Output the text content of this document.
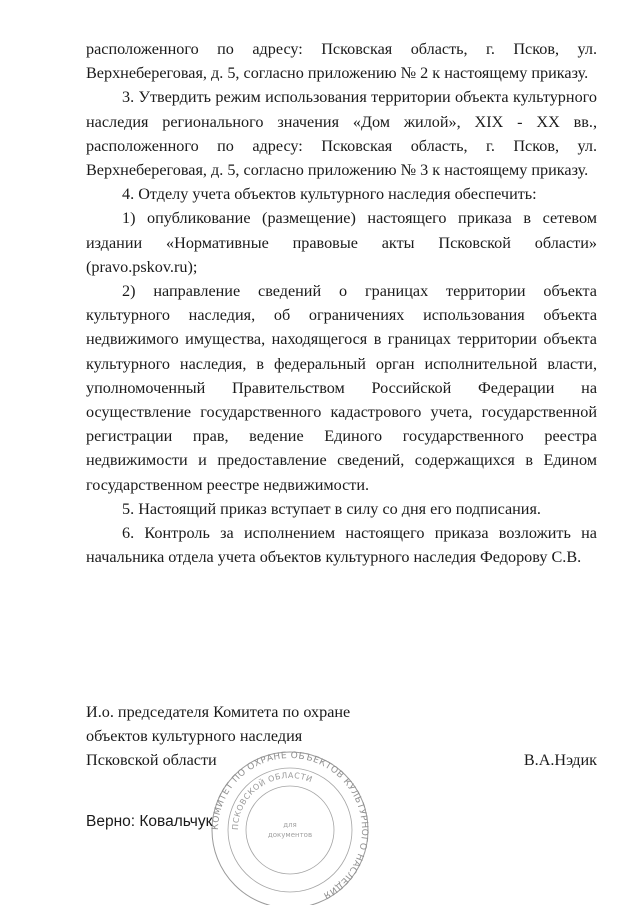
расположенного по адресу: Псковская область, г. Псков, ул. Верхнебереговая, д. 5, согласно приложению № 2 к настоящему приказу.

3. Утвердить режим использования территории объекта культурного наследия регионального значения «Дом жилой», XIX - XX вв., расположенного по адресу: Псковская область, г. Псков, ул. Верхнебереговая, д. 5, согласно приложению № 3 к настоящему приказу.

4. Отделу учета объектов культурного наследия обеспечить:

1) опубликование (размещение) настоящего приказа в сетевом издании «Нормативные правовые акты Псковской области» (pravo.pskov.ru);

2) направление сведений о границах территории объекта культурного наследия, об ограничениях использования объекта недвижимого имущества, находящегося в границах территории объекта культурного наследия, в федеральный орган исполнительной власти, уполномоченный Правительством Российской Федерации на осуществление государственного кадастрового учета, государственной регистрации прав, ведение Единого государственного реестра недвижимости и предоставление сведений, содержащихся в Едином государственном реестре недвижимости.

5. Настоящий приказ вступает в силу со дня его подписания.

6. Контроль за исполнением настоящего приказа возложить на начальника отдела учета объектов культурного наследия Федорову С.В.

И.о. председателя Комитета по охране
объектов культурного наследия
Псковской области	В.А.Нэдик
КОМИТЕТ ПО ОХРАНЕ ОБЪЕКТОВ КУЛЬТУРНОГО НАСЛЕДИЯ
ПСКОВСКОЙ ОБЛАСТИ
для
документов
Верно: Ковальчук
